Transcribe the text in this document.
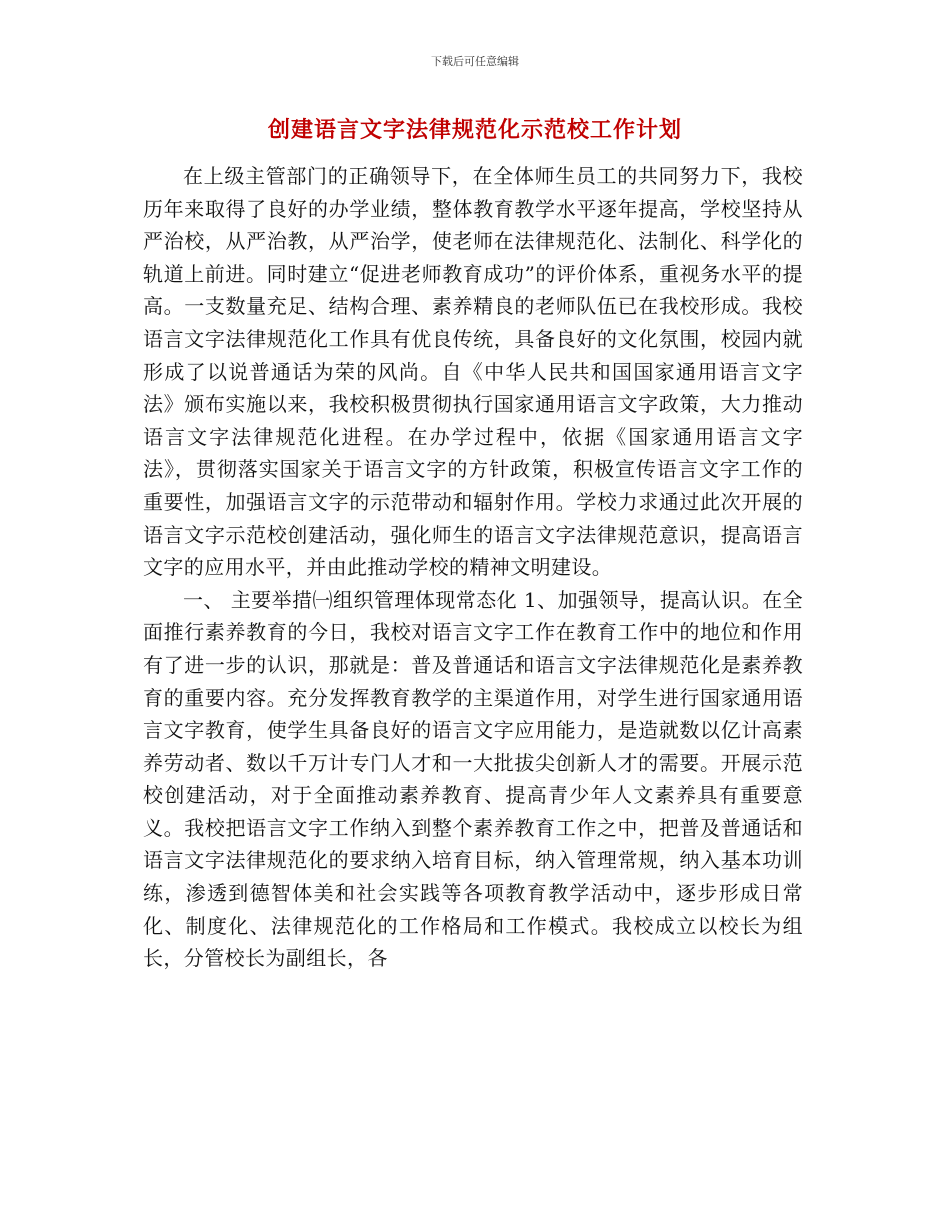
下载后可任意编辑
创建语言文字法律规范化示范校工作计划

在上级主管部门的正确领导下，在全体师生员工的共同努力下，我校历年来取得了良好的办学业绩，整体教育教学水平逐年提高，学校坚持从严治校，从严治教，从严治学，使老师在法律规范化、法制化、科学化的轨道上前进。同时建立“促进老师教育成功”的评价体系，重视务水平的提高。一支数量充足、结构合理、素养精良的老师队伍已在我校形成。我校语言文字法律规范化工作具有优良传统，具备良好的文化氛围，校园内就形成了以说普通话为荣的风尚。自《中华人民共和国国家通用语言文字法》颁布实施以来，我校积极贯彻执行国家通用语言文字政策，大力推动语言文字法律规范化进程。在办学过程中，依据《国家通用语言文字法》，贯彻落实国家关于语言文字的方针政策，积极宣传语言文字工作的重要性，加强语言文字的示范带动和辐射作用。学校力求通过此次开展的语言文字示范校创建活动，强化师生的语言文字法律规范意识，提高语言文字的应用水平，并由此推动学校的精神文明建设。

一、 主要举措㈠组织管理体现常态化 1、加强领导，提高认识。在全面推行素养教育的今日，我校对语言文字工作在教育工作中的地位和作用有了进一步的认识，那就是：普及普通话和语言文字法律规范化是素养教育的重要内容。充分发挥教育教学的主渠道作用，对学生进行国家通用语言文字教育，使学生具备良好的语言文字应用能力，是造就数以亿计高素养劳动者、数以千万计专门人才和一大批拔尖创新人才的需要。开展示范校创建活动，对于全面推动素养教育、提高青少年人文素养具有重要意义。我校把语言文字工作纳入到整个素养教育工作之中，把普及普通话和语言文字法律规范化的要求纳入培育目标，纳入管理常规，纳入基本功训练，渗透到德智体美和社会实践等各项教育教学活动中，逐步形成日常化、制度化、法律规范化的工作格局和工作模式。我校成立以校长为组长，分管校长为副组长，各
